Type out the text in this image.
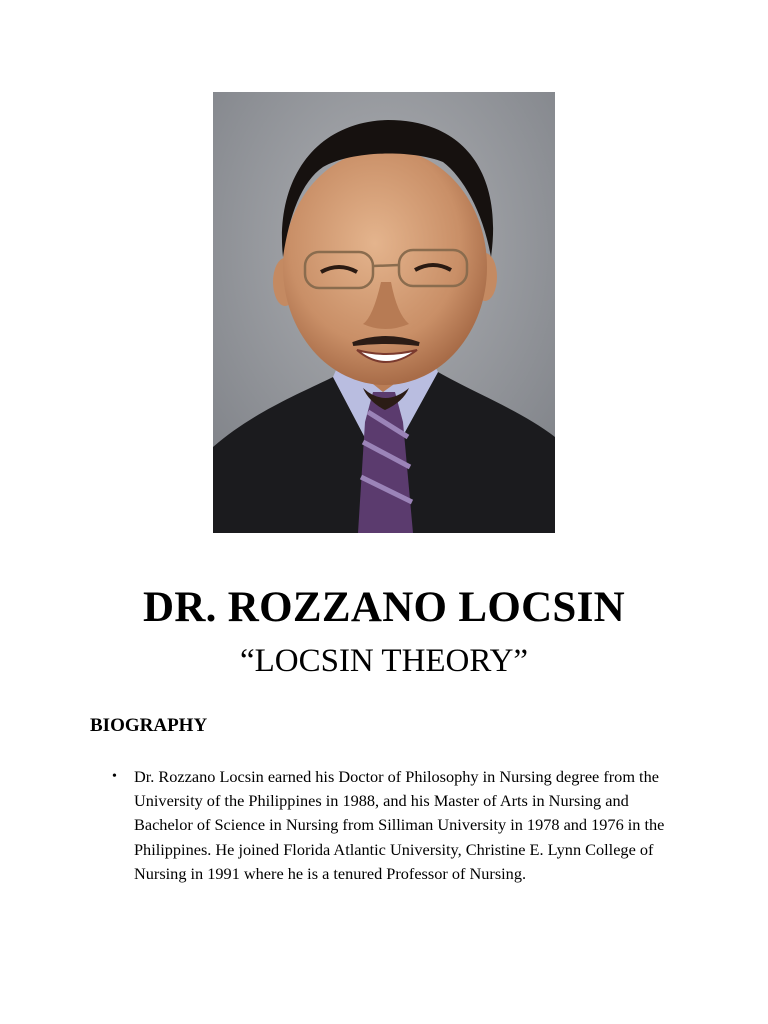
DR. ROZZANO LOCSIN
“LOCSIN THEORY”
BIOGRAPHY
• Dr. Rozzano Locsin earned his Doctor of Philosophy in Nursing degree from the University of the Philippines in 1988, and his Master of Arts in Nursing and Bachelor of Science in Nursing from Silliman University in 1978 and 1976 in the Philippines. He joined Florida Atlantic University, Christine E. Lynn College of Nursing in 1991 where he is a tenured Professor of Nursing.
